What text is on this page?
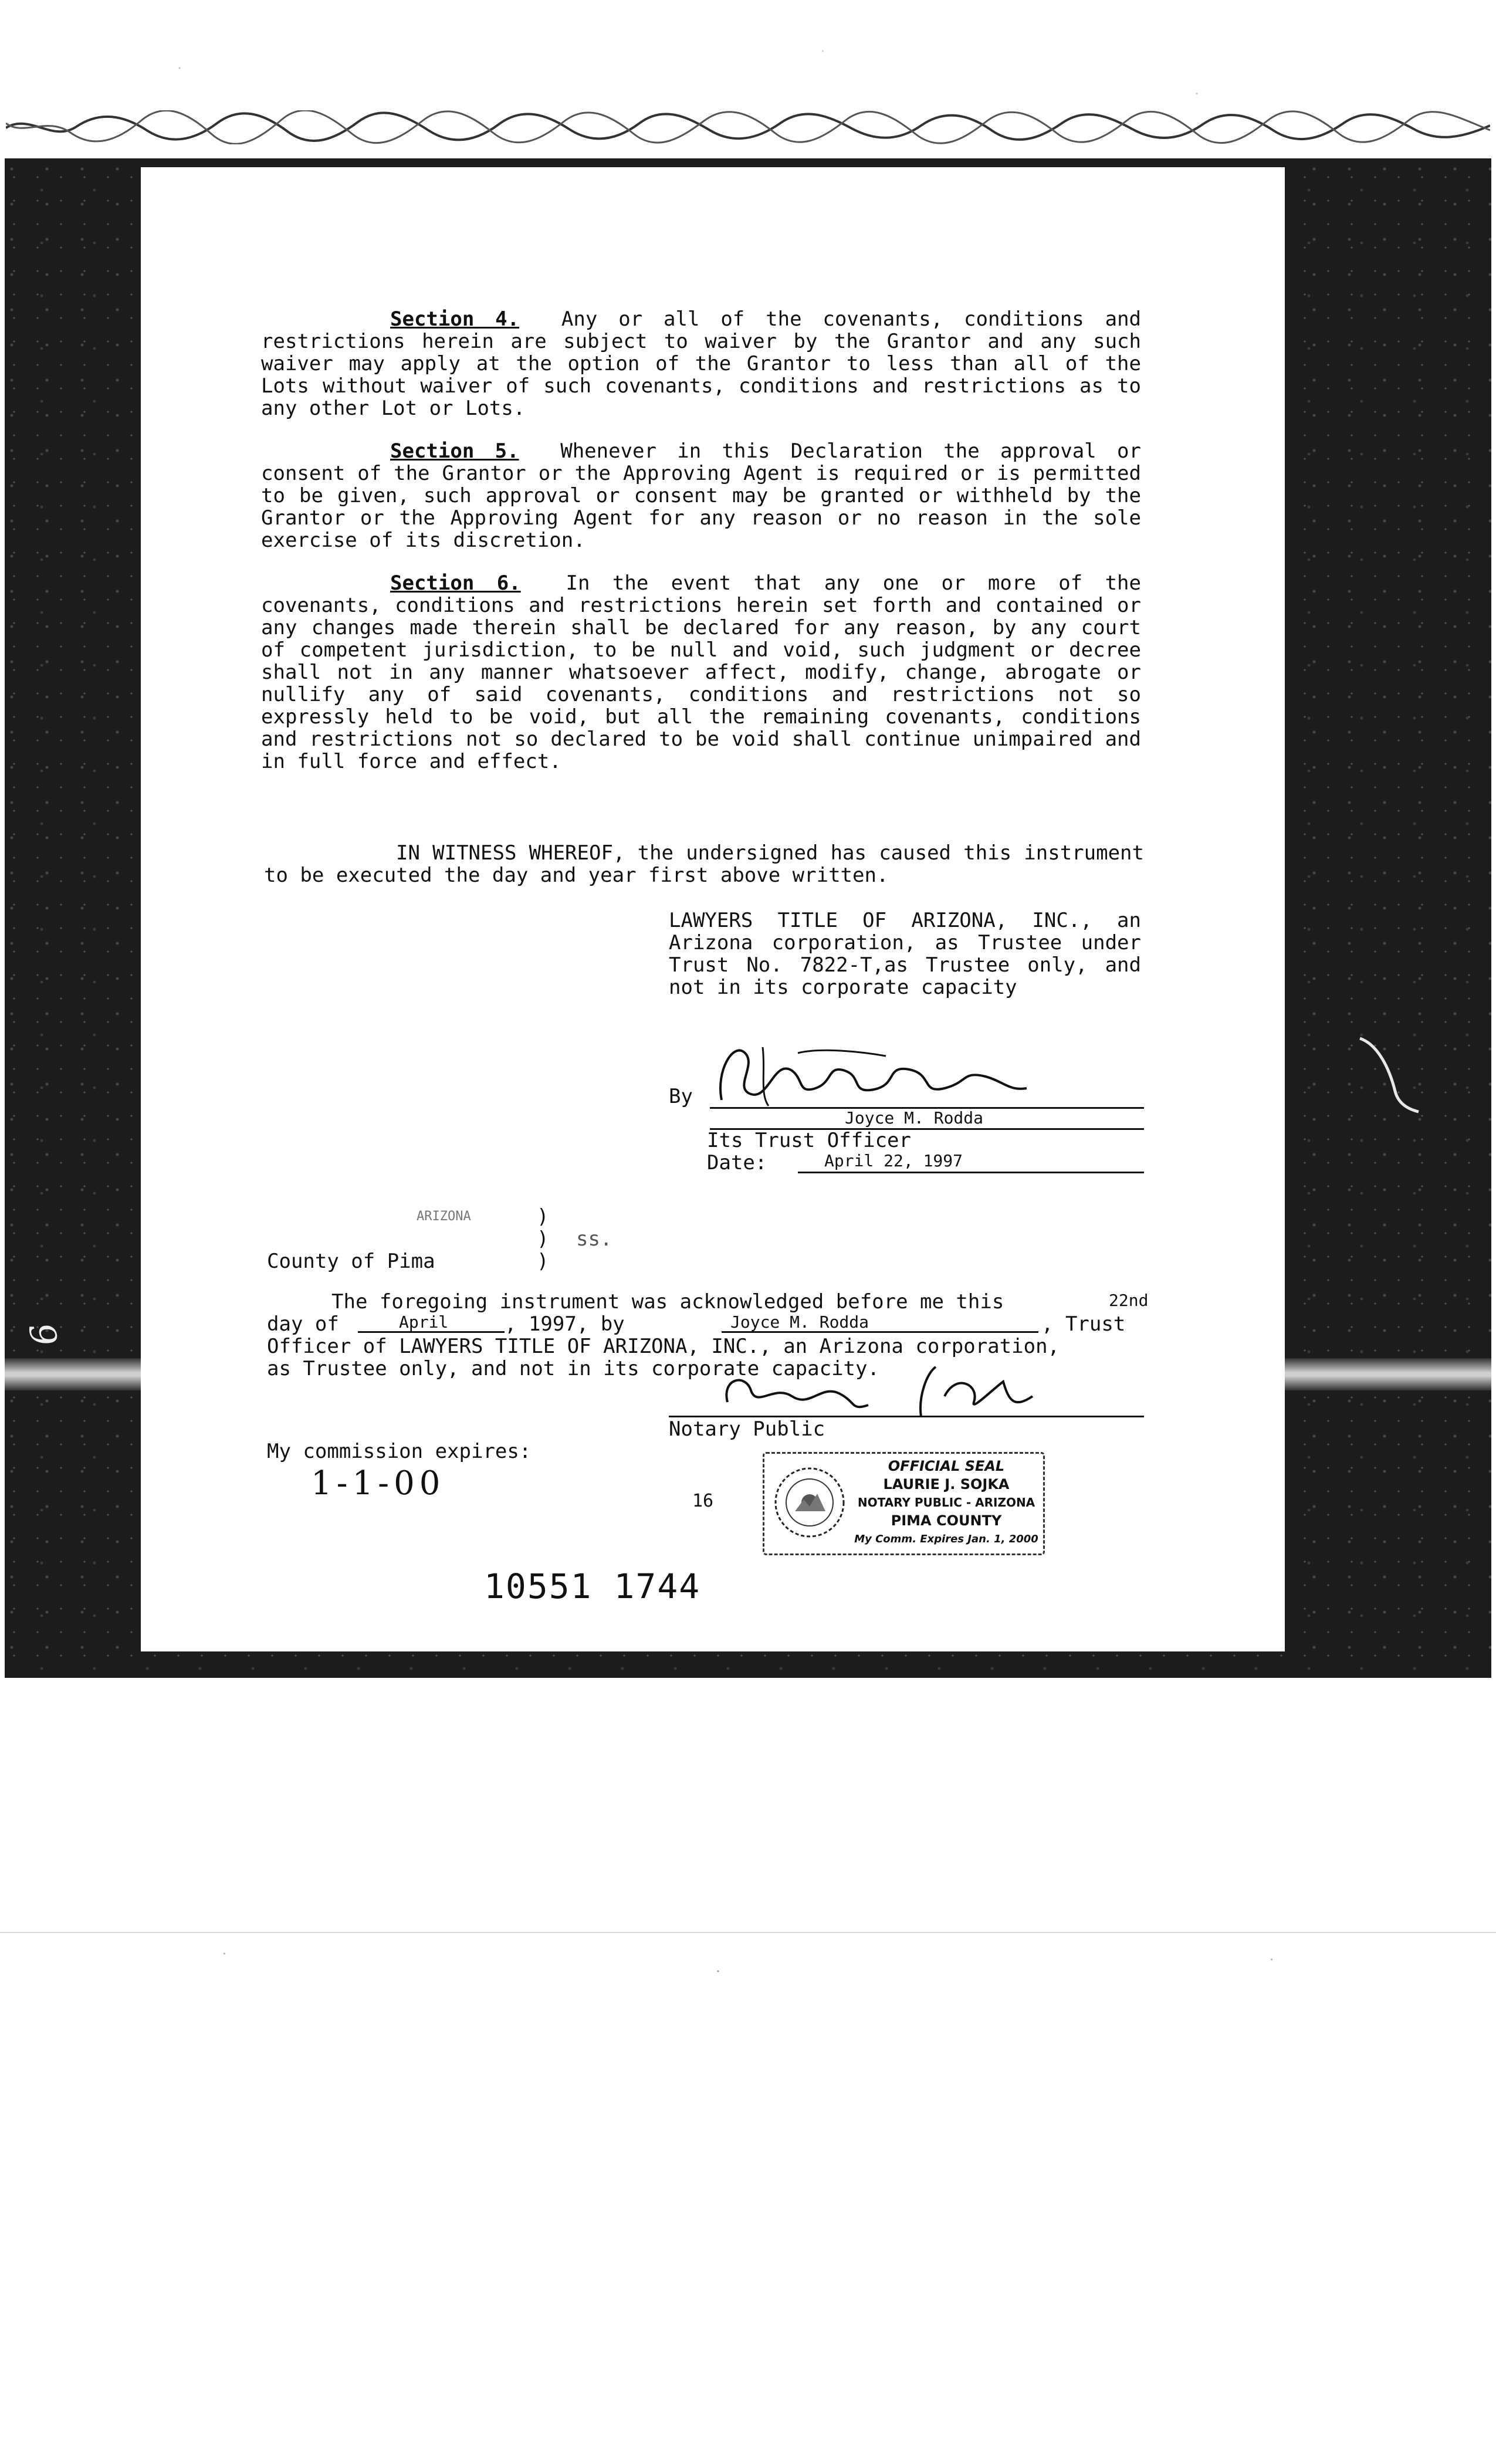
9

Section 4. Any or all of the covenants, conditions and restrictions herein are subject to waiver by the Grantor and any such waiver may apply at the option of the Grantor to less than all of the Lots without waiver of such covenants, conditions and restrictions as to any other Lot or Lots.

Section 5. Whenever in this Declaration the approval or consent of the Grantor or the Approving Agent is required or is permitted to be given, such approval or consent may be granted or withheld by the Grantor or the Approving Agent for any reason or no reason in the sole exercise of its discretion.

Section 6. In the event that any one or more of the covenants, conditions and restrictions herein set forth and contained or any changes made therein shall be declared for any reason, by any court of competent jurisdiction, to be null and void, such judgment or decree shall not in any manner whatsoever affect, modify, change, abrogate or nullify any of said covenants, conditions and restrictions not so expressly held to be void, but all the remaining covenants, conditions and restrictions not so declared to be void shall continue unimpaired and in full force and effect.

IN WITNESS WHEREOF, the undersigned has caused this instrument to be executed the day and year first above written.

LAWYERS TITLE OF ARIZONA, INC., an Arizona corporation, as Trustee under Trust No. 7822-T,as Trustee only, and not in its corporate capacity
By
Joyce M. Rodda
Its Trust Officer
Date:	April 22, 1997
ARIZONA	)
) ss.
County of Pima	)
The foregoing instrument was acknowledged before me this	22nd
day of	April	, 1997, by	Joyce M. Rodda	, Trust
Officer of LAWYERS TITLE OF ARIZONA, INC., an Arizona corporation,
as Trustee only, and not in its corporate capacity.
Notary Public
My commission expires:
1-1-00	16
OFFICIAL SEAL
LAURIE J. SOJKA
NOTARY PUBLIC - ARIZONA
PIMA COUNTY
My Comm. Expires Jan. 1, 2000
10551 1744
